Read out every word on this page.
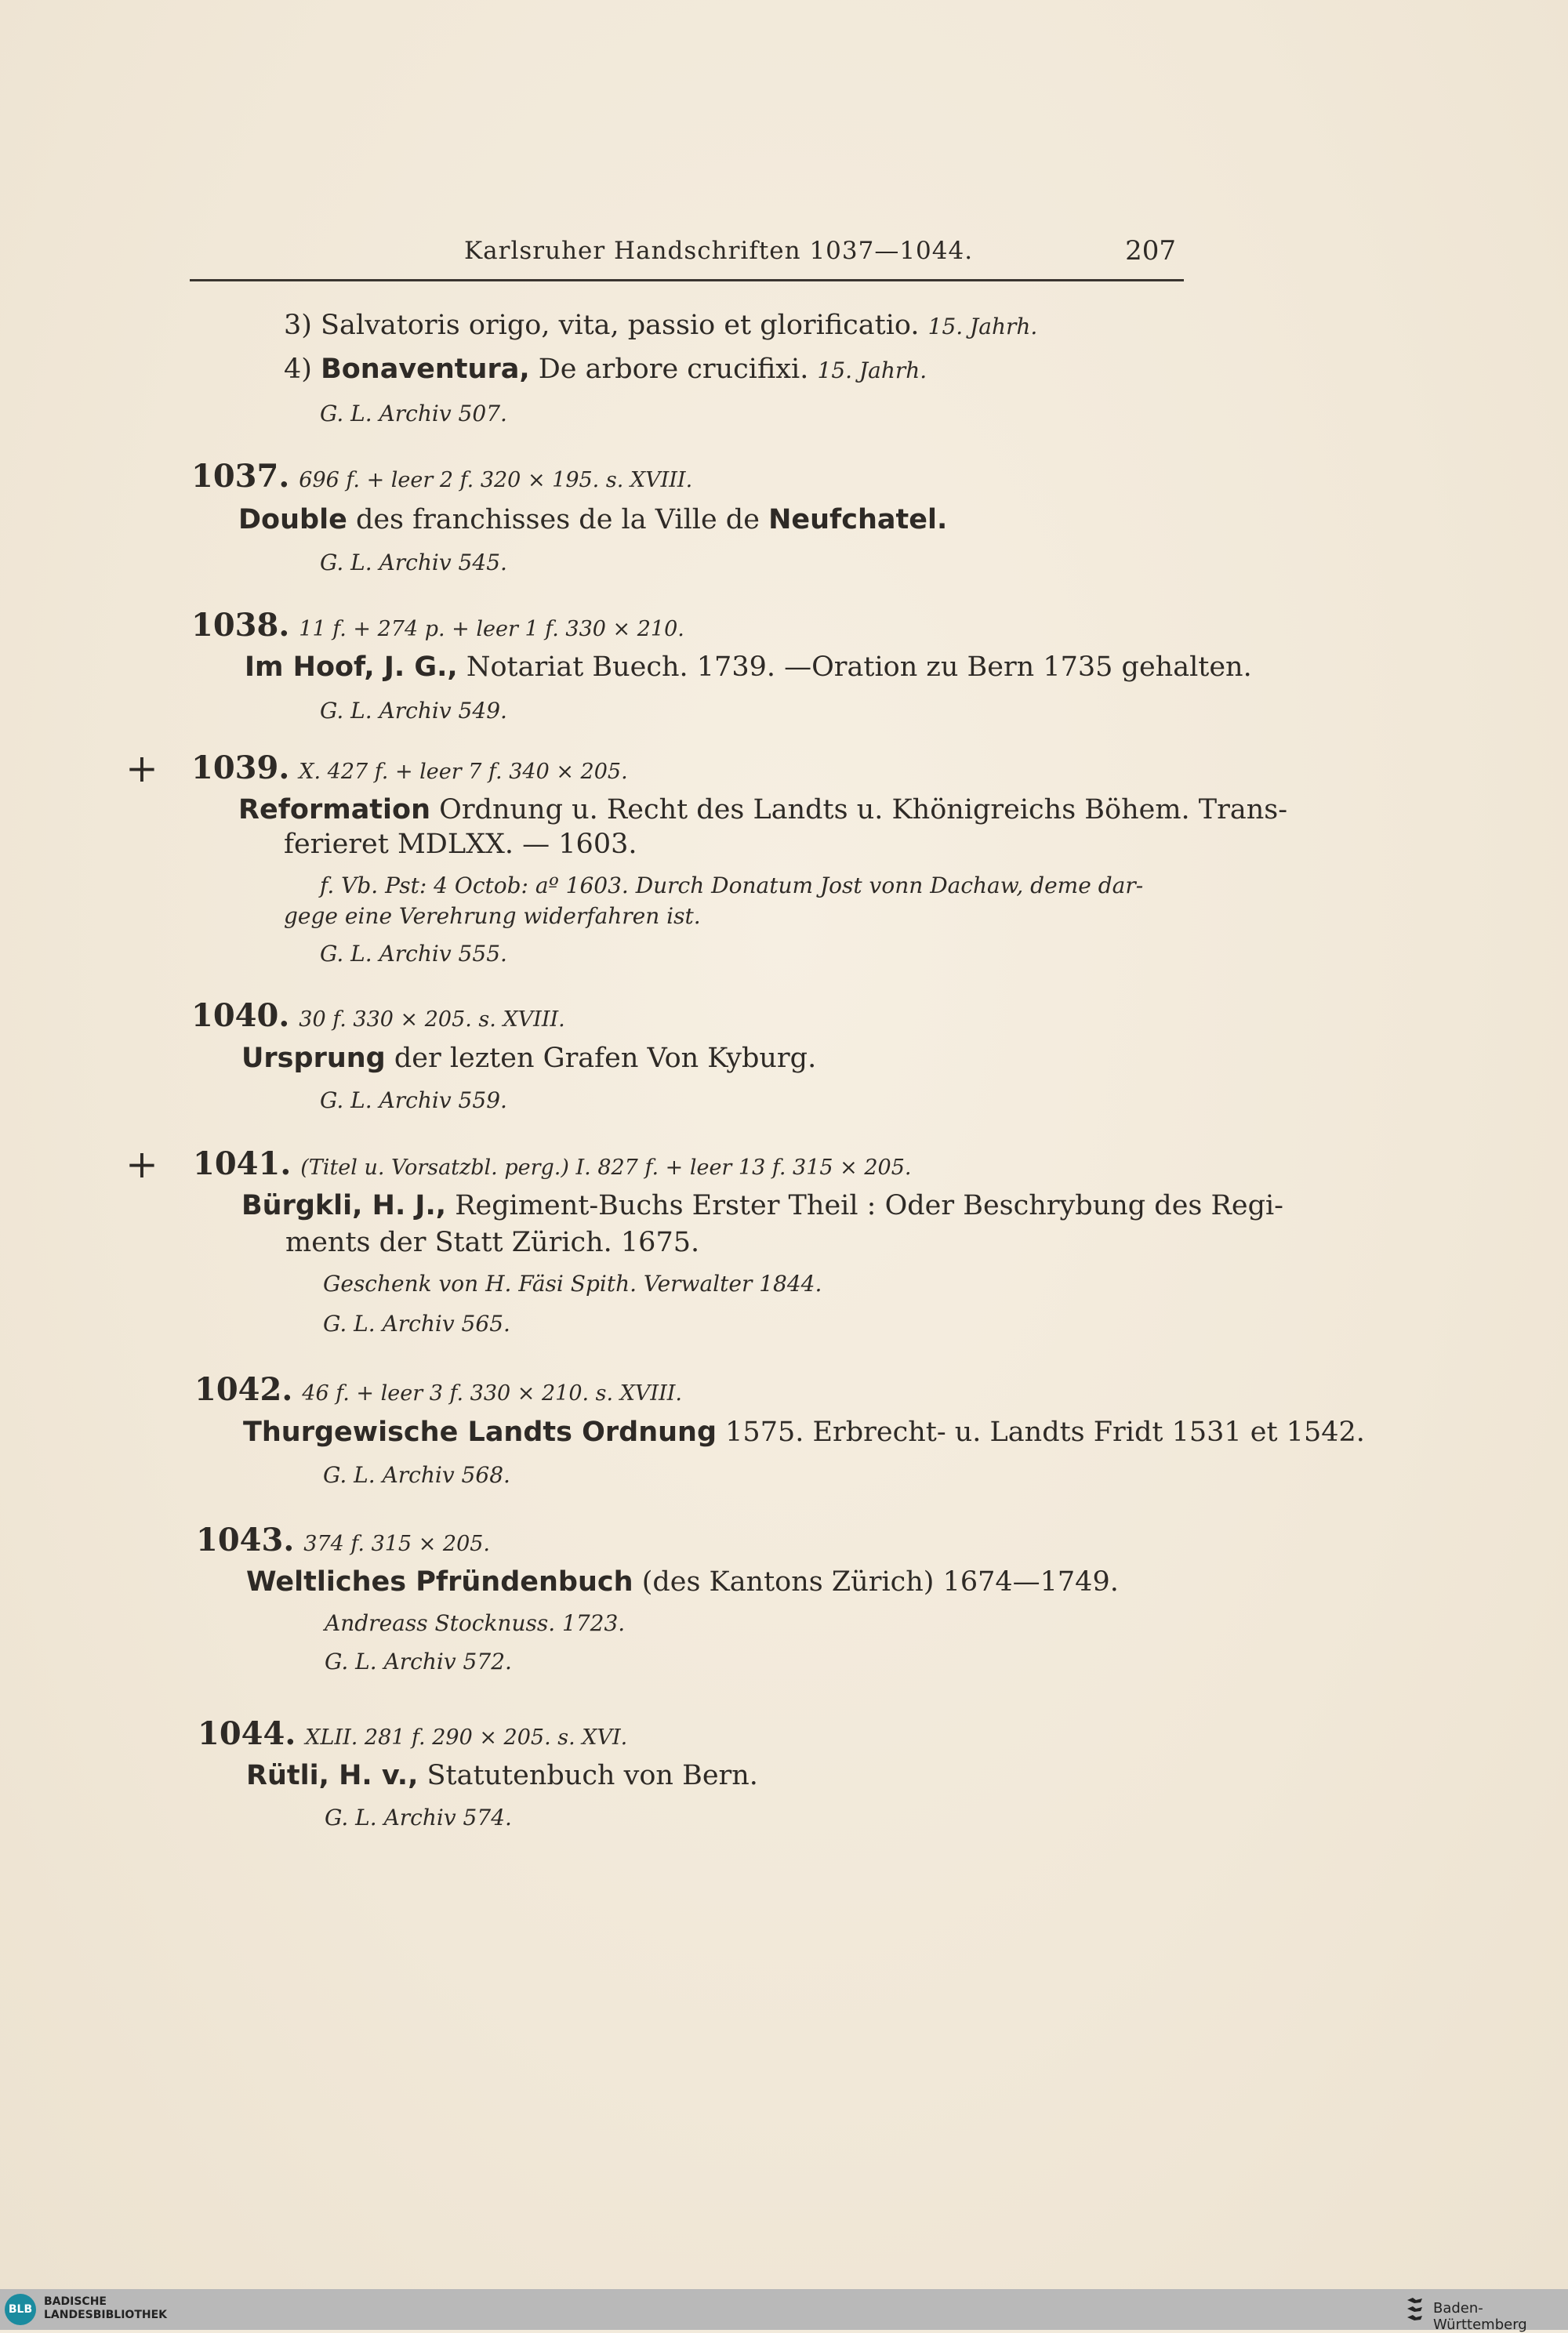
Karlsruher Handschriften 1037—1044.	207
3) Salvatoris origo, vita, passio et glorificatio. 15. Jahrh.
4) Bonaventura, De arbore crucifixi. 15. Jahrh.
G. L. Archiv 507.
1037. 696 f. + leer 2 f. 320 ⨯ 195. s. XVIII.
Double des franchisses de la Ville de Neufchatel.
G. L. Archiv 545.
1038. 11 f. + 274 p. + leer 1 f. 330 ⨯ 210.
Im Hoof, J. G., Notariat Buech. 1739. —Oration zu Bern 1735 gehalten.
G. L. Archiv 549.
+ 1039. X. 427 f. + leer 7 f. 340 ⨯ 205.
Reformation Ordnung u. Recht des Landts u. Khönigreichs Böhem. Trans-
ferieret MDLXX. — 1603.
f. Vb. Pst: 4 Octob: aº 1603. Durch Donatum Jost vonn Dachaw, deme dar-
gege eine Verehrung widerfahren ist.
G. L. Archiv 555.
1040. 30 f. 330 ⨯ 205. s. XVIII.
Ursprung der lezten Grafen Von Kyburg.
G. L. Archiv 559.
+ 1041. (Titel u. Vorsatzbl. perg.) I. 827 f. + leer 13 f. 315 ⨯ 205.
Bürgkli, H. J., Regiment-Buchs Erster Theil : Oder Beschrybung des Regi-
ments der Statt Zürich. 1675.
Geschenk von H. Fäsi Spith. Verwalter 1844.
G. L. Archiv 565.
1042. 46 f. + leer 3 f. 330 ⨯ 210. s. XVIII.
Thurgewische Landts Ordnung 1575. Erbrecht- u. Landts Fridt 1531 et 1542.
G. L. Archiv 568.
1043. 374 f. 315 ⨯ 205.
Weltliches Pfründenbuch (des Kantons Zürich) 1674—1749.
Andreass Stocknuss. 1723.
G. L. Archiv 572.
1044. XLII. 281 f. 290 ⨯ 205. s. XVI.
Rütli, H. v., Statutenbuch von Bern.
G. L. Archiv 574.
BLB
BADISCHE
LANDESBIBLIOTHEK	Baden-Württemberg
